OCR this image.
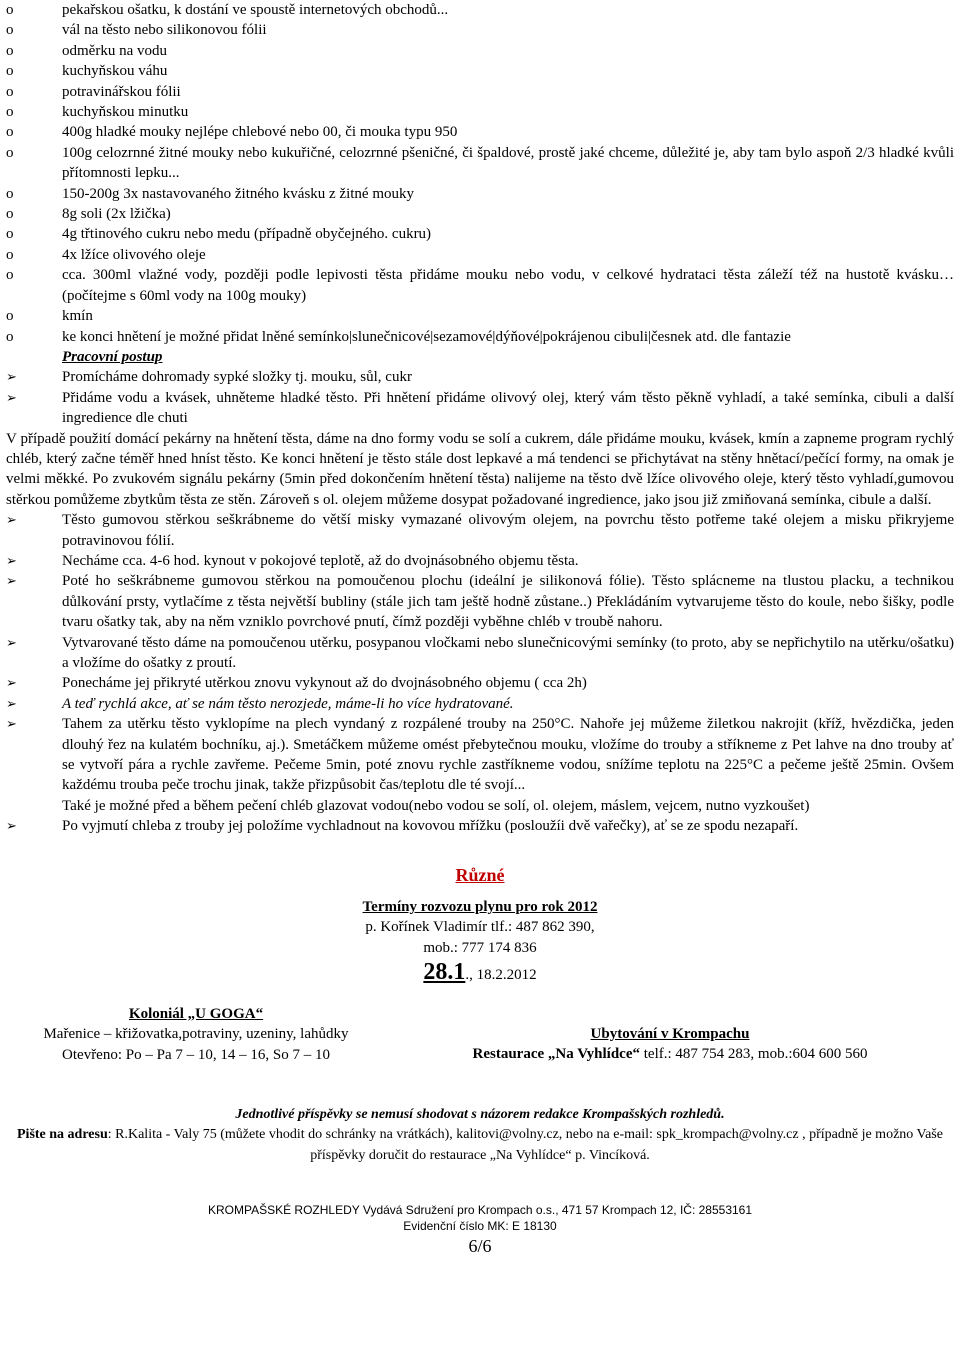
o	pekařskou ošatku, k dostání ve spoustě internetových obchodů...
o	vál na těsto nebo silikonovou fólii
o	odměrku na vodu
o	kuchyňskou váhu
o	potravinářskou fólii
o	kuchyňskou minutku
o	400g hladké mouky nejlépe chlebové nebo 00, či mouka typu 950
o	100g celozrnné žitné mouky nebo kukuřičné, celozrnné pšeničné, či špaldové, prostě jaké chceme, důležité je, aby tam bylo aspoň 2/3 hladké kvůli přítomnosti lepku...
o	150-200g 3x nastavovaného žitného kvásku z žitné mouky
o	8g soli (2x lžička)
o	4g třtinového cukru nebo medu (případně obyčejného. cukru)
o	4x lžíce olivového oleje
o	cca. 300ml vlažné vody, později podle lepivosti těsta přidáme mouku nebo vodu, v celkové hydrataci těsta záleží též na hustotě kvásku… (počítejme s 60ml vody na 100g mouky)
o	kmín
o	ke konci hnětení je možné přidat lněné semínko|slunečnicové|sezamové|dýňové|pokrájenou cibuli|česnek atd. dle fantazie
Pracovní postup
➢	Promícháme dohromady sypké složky tj. mouku, sůl, cukr
➢	Přidáme vodu a kvásek, uhněteme hladké těsto. Při hnětení přidáme olivový olej, který vám těsto pěkně vyhladí, a také semínka, cibuli a další ingredience dle chuti
V případě použití domácí pekárny na hnětení těsta, dáme na dno formy vodu se solí a cukrem, dále přidáme mouku, kvásek, kmín a zapneme program rychlý chléb, který začne téměř hned hníst těsto. Ke konci hnětení je těsto stále dost lepkavé a má tendenci se přichytávat na stěny hnětací/pečící formy, na omak je velmi měkké. Po zvukovém signálu pekárny (5min před dokončením hnětení těsta) nalijeme na těsto dvě lžíce olivového oleje, který těsto vyhladí,gumovou stěrkou pomůžeme zbytkům těsta ze stěn. Zároveň s ol. olejem můžeme dosypat požadované ingredience, jako jsou již zmiňovaná semínka, cibule a další.
➢	Těsto gumovou stěrkou seškrábneme do větší misky vymazané olivovým olejem, na povrchu těsto potřeme také olejem a misku přikryjeme potravinovou fólií.
➢	Necháme cca. 4-6 hod. kynout v pokojové teplotě, až do dvojnásobného objemu těsta.
➢	Poté ho seškrábneme gumovou stěrkou na pomoučenou plochu (ideální je silikonová fólie). Těsto splácneme na tlustou placku, a technikou důlkování prsty, vytlačíme z těsta největší bubliny (stále jich tam ještě hodně zůstane..) Překládáním vytvarujeme těsto do koule, nebo šišky, podle tvaru ošatky tak, aby na něm vzniklo povrchové pnutí, čímž později vyběhne chléb v troubě nahoru.
➢	Vytvarované těsto dáme na pomoučenou utěrku, posypanou vločkami nebo slunečnicovými semínky (to proto, aby se nepřichytilo na utěrku/ošatku) a vložíme do ošatky z proutí.
➢	Ponecháme jej přikryté utěrkou znovu vykynout až do dvojnásobného objemu ( cca 2h)
➢	A teď rychlá akce, ať se nám těsto nerozjede, máme-li ho více hydratované.
➢	Tahem za utěrku těsto vyklopíme na plech vyndaný z rozpálené trouby na 250°C. Nahoře jej můžeme žiletkou nakrojit (kříž, hvězdička, jeden dlouhý řez na kulatém bochníku, aj.). Smetáčkem můžeme omést přebytečnou mouku, vložíme do trouby a stříkneme z Pet lahve na dno trouby ať se vytvoří pára a rychle zavřeme. Pečeme 5min, poté znovu rychle zastříkneme vodou, snížíme teplotu na 225°C a pečeme ještě 25min. Ovšem každému trouba peče trochu jinak, takže přizpůsobit čas/teplotu dle té svojí...
Také je možné před a během pečení chléb glazovat vodou(nebo vodou se solí, ol. olejem, máslem, vejcem, nutno vyzkoušet)
➢	Po vyjmutí chleba z trouby jej položíme vychladnout na kovovou mřížku (posloužíi dvě vařečky), ať se ze spodu nezapaří.
Různé
Termíny rozvozu plynu pro rok 2012
p. Kořínek Vladimír tlf.: 487 862 390,
mob.: 777 174 836
28.1., 18.2.2012
Koloniál „U GOGA“
Mařenice – křižovatka,potraviny, uzeniny, lahůdky
Otevřeno: Po – Pa 7 – 10, 14 – 16, So 7 – 10
Ubytování v Krompachu
Restaurace „Na Vyhlídce“ telf.: 487 754 283, mob.:604 600 560
Jednotlivé příspěvky se nemusí shodovat s názorem redakce Krompašských rozhledů.
Pište na adresu: R.Kalita - Valy 75 (můžete vhodit do schránky na vrátkách), kalitovi@volny.cz, nebo na e-mail: spk_krompach@volny.cz , případně je možno Vaše příspěvky doručit do restaurace „Na Vyhlídce“ p. Vincíková.
KROMPAŠSKÉ ROZHLEDY Vydává Sdružení pro Krompach o.s., 471 57 Krompach 12, IČ: 28553161
Evidenční číslo MK: E 18130
6/6
